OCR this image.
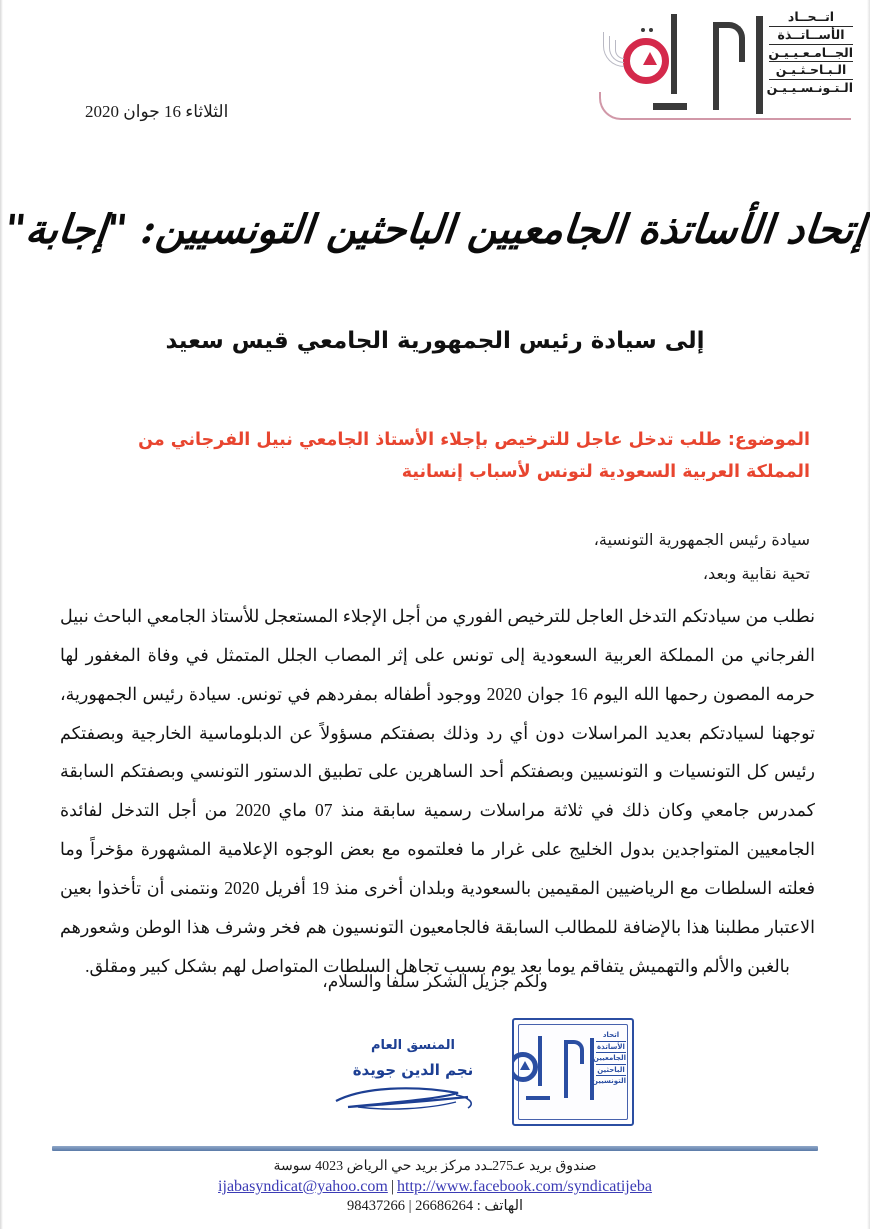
اتــحــاد
الأســاتــذة
الجــامـعـيـيـن
الـبـاحـثـيـن
الـتـونـسـيـيـن
الثلاثاء 16 جوان 2020
إتحاد الأساتذة الجامعيين الباحثين التونسيين: "إجابة"
إلى سيادة رئيس الجمهورية الجامعي قيس سعيد
الموضوع: طلب تدخل عاجل للترخيص بإجلاء الأستاذ الجامعي نبيل الفرجاني من المملكة العربية السعودية لتونس لأسباب إنسانية
سيادة رئيس الجمهورية التونسية،
تحية نقابية وبعد،
نطلب من سيادتكم التدخل العاجل للترخيص الفوري من أجل الإجلاء المستعجل للأستاذ الجامعي الباحث نبيل الفرجاني من المملكة العربية السعودية إلى تونس على إثر المصاب الجلل المتمثل في وفاة المغفور لها حرمه المصون رحمها الله اليوم 16 جوان 2020 ووجود أطفاله بمفردهم في تونس. سيادة رئيس الجمهورية، توجهنا لسيادتكم بعديد المراسلات دون أي رد وذلك بصفتكم مسؤولاً عن الدبلوماسية الخارجية وبصفتكم رئيس كل التونسيات و التونسيين وبصفتكم أحد الساهرين على تطبيق الدستور التونسي وبصفتكم السابقة كمدرس جامعي وكان ذلك في ثلاثة مراسلات رسمية سابقة منذ 07 ماي 2020 من أجل التدخل لفائدة الجامعيين المتواجدين بدول الخليج على غرار ما فعلتموه مع بعض الوجوه الإعلامية المشهورة مؤخراً وما فعلته السلطات مع الرياضيين المقيمين بالسعودية وبلدان أخرى منذ 19 أفريل 2020 ونتمنى أن تأخذوا بعين الاعتبار مطلبنا هذا بالإضافة للمطالب السابقة فالجامعيون التونسيون هم فخر وشرف هذا الوطن وشعورهم بالغبن والألم والتهميش يتفاقم يوما بعد يوم بسبب تجاهل السلطات المتواصل لهم بشكل كبير ومقلق.
ولكم جزيل الشكر سلفا والسلام،
المنسق العام
نجم الدين جويدة
اتحاد
الأساتذة
الجامعيين
الباحثين
التونسيين
صندوق بريد عـ275ـدد مركز بريد حي الرياض 4023 سوسة
ijabasyndicat@yahoo.com | http://www.facebook.com/syndicatijeba
الهاتف : 26686264 | 98437266
